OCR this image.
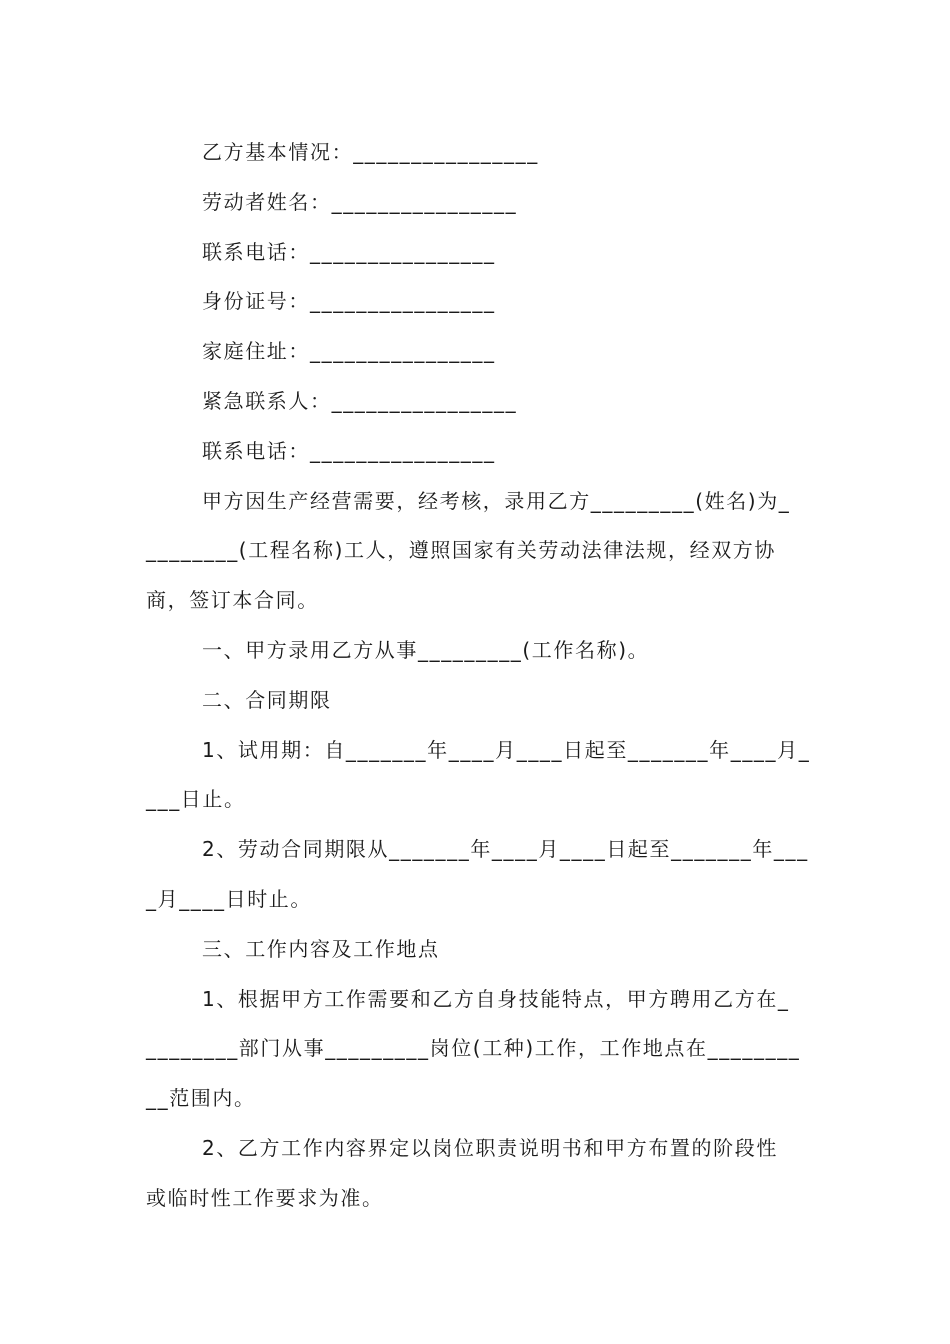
乙方基本情况：________________
劳动者姓名：________________
联系电话：________________
身份证号：________________
家庭住址：________________
紧急联系人：________________
联系电话：________________
甲方因生产经营需要，经考核，录用乙方_________(姓名)为_
________(工程名称)工人，遵照国家有关劳动法律法规，经双方协
商，签订本合同。
一、甲方录用乙方从事_________(工作名称)。
二、合同期限
1、试用期：自_______年____月____日起至_______年____月_
___日止。
2、劳动合同期限从_______年____月____日起至_______年___
_月____日时止。
三、工作内容及工作地点
1、根据甲方工作需要和乙方自身技能特点，甲方聘用乙方在_
________部门从事_________岗位(工种)工作，工作地点在________
__范围内。
2、乙方工作内容界定以岗位职责说明书和甲方布置的阶段性
或临时性工作要求为准。
